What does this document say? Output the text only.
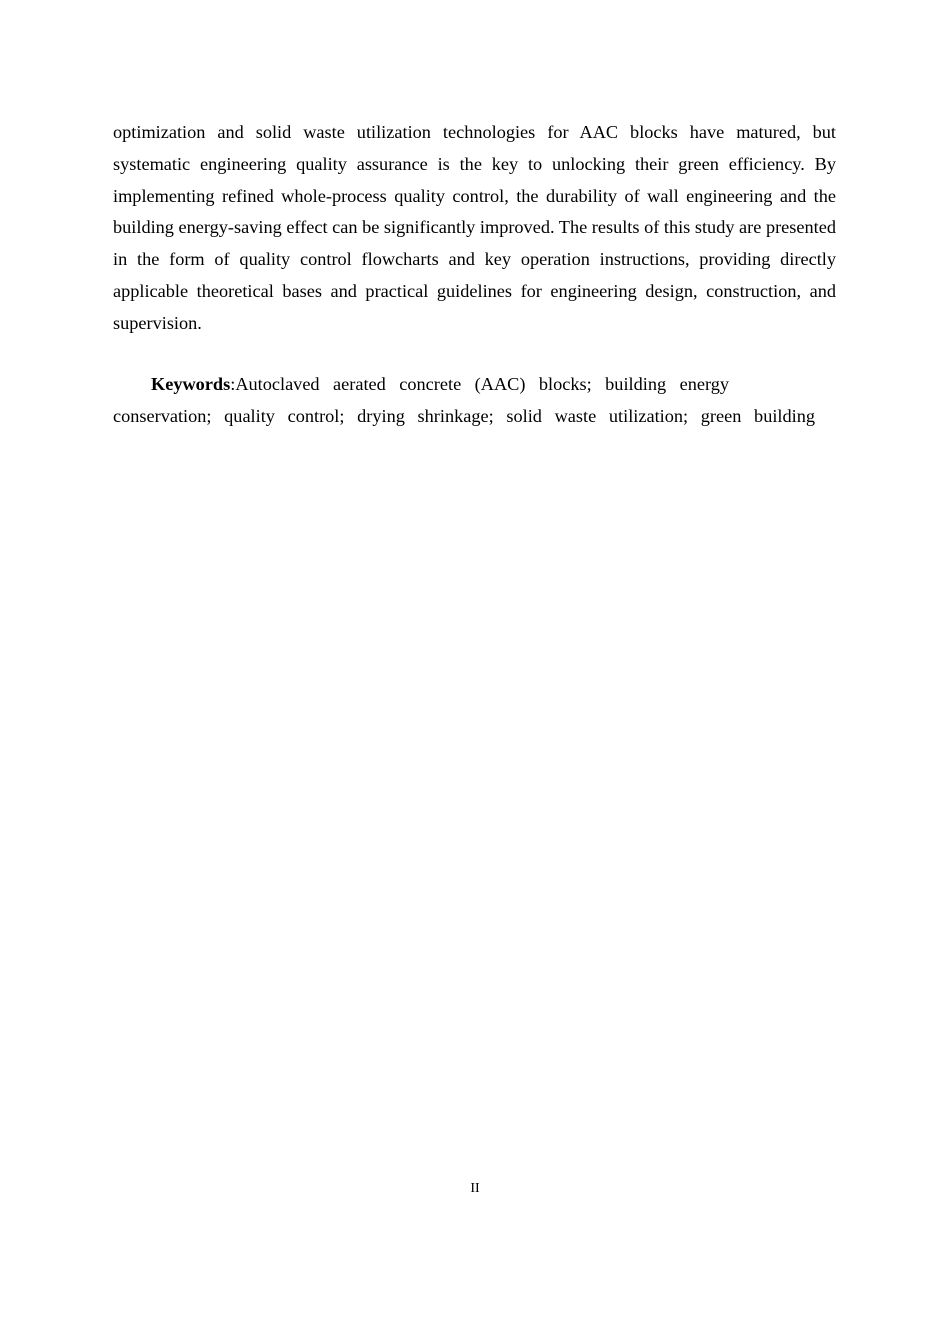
optimization and solid waste utilization technologies for AAC blocks have matured, but systematic engineering quality assurance is the key to unlocking their green efficiency. By implementing refined whole-process quality control, the durability of wall engineering and the building energy-saving effect can be significantly improved. The results of this study are presented in the form of quality control flowcharts and key operation instructions, providing directly applicable theoretical bases and practical guidelines for engineering design, construction, and supervision.

Keywords:Autoclaved aerated concrete (AAC) blocks; building energy
conservation; quality control; drying shrinkage; solid waste utilization; green building
II
